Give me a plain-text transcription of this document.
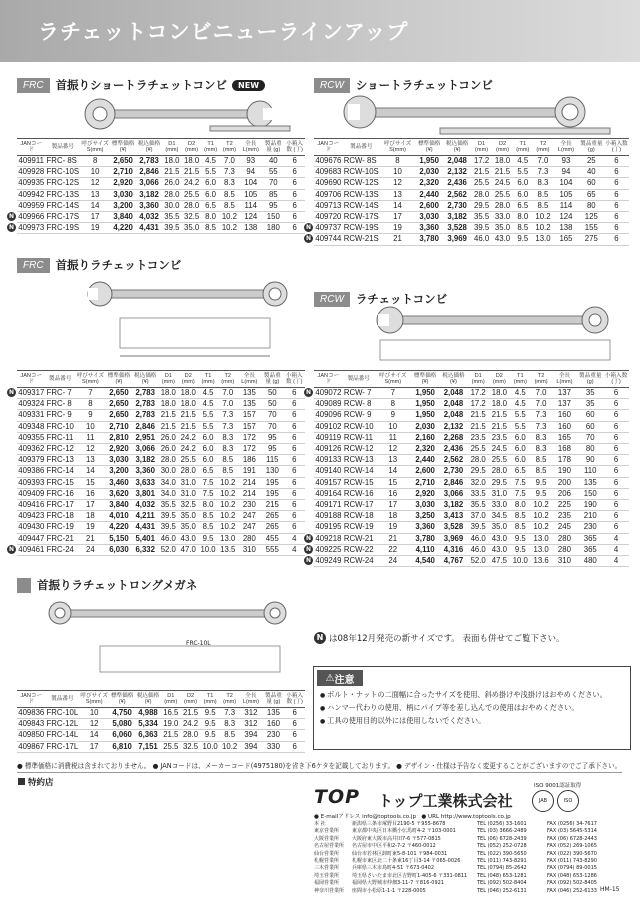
ラチェットコンビニューラインアップ
FRC	首振りショートラチェットコンビ	NEW
JANコード	製品番号	呼びサイズ S(mm)	標準価格 (¥)	税込価格 (¥)	D1 (mm)	D2 (mm)	T1 (mm)	T2 (mm)	全長 L(mm)	製品重量 (g)	小箱入数 (丁)
409911	FRC- 8S	8	2,650	2,783	18.0	18.0	4.5	7.0	93	40	6
409928	FRC-10S	10	2,710	2,846	21.5	21.5	5.5	7.3	94	55	6
409935	FRC-12S	12	2,920	3,066	26.0	24.2	6.0	8.3	104	70	6
409942	FRC-13S	13	3,030	3,182	28.0	25.5	6.0	8.5	105	85	6
409959	FRC-14S	14	3,200	3,360	30.0	28.0	6.5	8.5	114	95	6
409966	FRC-17S	17	3,840	4,032	35.5	32.5	8.0	10.2	124	150	6
409973	FRC-19S	19	4,220	4,431	39.5	35.0	8.5	10.2	138	180	6
RCW	ショートラチェットコンビ
JANコード	製品番号	呼びサイズ S(mm)	標準価格 (¥)	税込価格 (¥)	D1 (mm)	D2 (mm)	T1 (mm)	T2 (mm)	全長 L(mm)	製品重量 (g)	小箱入数 (丁)
409676	RCW- 8S	8	1,950	2,048	17.2	18.0	4.5	7.0	93	25	6
409683	RCW-10S	10	2,030	2,132	21.5	21.5	5.5	7.3	94	40	6
409690	RCW-12S	12	2,320	2,436	25.5	24.5	6.0	8.3	104	60	6
409706	RCW-13S	13	2,440	2,562	28.0	25.5	6.0	8.5	105	65	6
409713	RCW-14S	14	2,600	2,730	29.5	28.0	6.5	8.5	114	80	6
409720	RCW-17S	17	3,030	3,182	35.5	33.0	8.0	10.2	124	125	6
409737	RCW-19S	19	3,360	3,528	39.5	35.0	8.5	10.2	138	155	6
409744	RCW-21S	21	3,780	3,969	46.0	43.0	9.5	13.0	165	275	6
FRC	首振りラチェットコンビ
JANコード	製品番号	呼びサイズ S(mm)	標準価格 (¥)	税込価格 (¥)	D1 (mm)	D2 (mm)	T1 (mm)	T2 (mm)	全長 L(mm)	製品重量 (g)	小箱入数 (丁)
409317	FRC- 7	7	2,650	2,783	18.0	18.0	4.5	7.0	135	50	6
409324	FRC- 8	8	2,650	2,783	18.0	18.0	4.5	7.0	135	50	6
409331	FRC- 9	9	2,650	2,783	21.5	21.5	5.5	7.3	157	70	6
409348	FRC-10	10	2,710	2,846	21.5	21.5	5.5	7.3	157	70	6
409355	FRC-11	11	2,810	2,951	26.0	24.2	6.0	8.3	172	95	6
409362	FRC-12	12	2,920	3,066	26.0	24.2	6.0	8.3	172	95	6
409379	FRC-13	13	3,030	3,182	28.0	25.5	6.0	8.5	186	115	6
409386	FRC-14	14	3,200	3,360	30.0	28.0	6.5	8.5	191	130	6
409393	FRC-15	15	3,460	3,633	34.0	31.0	7.5	10.2	214	195	6
409409	FRC-16	16	3,620	3,801	34.0	31.0	7.5	10.2	214	195	6
409416	FRC-17	17	3,840	4,032	35.5	32.5	8.0	10.2	230	215	6
409423	FRC-18	18	4,010	4,211	39.5	35.0	8.5	10.2	247	265	6
409430	FRC-19	19	4,220	4,431	39.5	35.0	8.5	10.2	247	265	6
409447	FRC-21	21	5,150	5,401	46.0	43.0	9.5	13.0	280	455	4
409461	FRC-24	24	6,030	6,332	52.0	47.0	10.0	13.5	310	555	4
RCW	ラチェットコンビ
JANコード	製品番号	呼びサイズ S(mm)	標準価格 (¥)	税込価格 (¥)	D1 (mm)	D2 (mm)	T1 (mm)	T2 (mm)	全長 L(mm)	製品重量 (g)	小箱入数 (丁)
409072	RCW- 7	7	1,950	2,048	17.2	18.0	4.5	7.0	137	35	6
409089	RCW- 8	8	1,950	2,048	17.2	18.0	4.5	7.0	137	35	6
409096	RCW- 9	9	1,950	2,048	21.5	21.5	5.5	7.3	160	60	6
409102	RCW-10	10	2,030	2,132	21.5	21.5	5.5	7.3	160	60	6
409119	RCW-11	11	2,160	2,268	23.5	23.5	6.0	8.3	165	70	6
409126	RCW-12	12	2,320	2,436	25.5	24.5	6.0	8.3	168	80	6
409133	RCW-13	13	2,440	2,562	28.0	25.5	6.0	8.5	178	90	6
409140	RCW-14	14	2,600	2,730	29.5	28.0	6.5	8.5	190	110	6
409157	RCW-15	15	2,710	2,846	32.0	29.5	7.5	9.5	200	135	6
409164	RCW-16	16	2,920	3,066	33.5	31.0	7.5	9.5	206	150	6
409171	RCW-17	17	3,030	3,182	35.5	33.0	8.0	10.2	225	190	6
409188	RCW-18	18	3,250	3,413	37.0	34.5	8.5	10.2	235	210	6
409195	RCW-19	19	3,360	3,528	39.5	35.0	8.5	10.2	245	230	6
409218	RCW-21	21	3,780	3,969	46.0	43.0	9.5	13.0	280	365	4
409225	RCW-22	22	4,110	4,316	46.0	43.0	9.5	13.0	280	365	4
409249	RCW-24	24	4,540	4,767	52.0	47.5	10.0	13.6	310	480	4
首振りラチェットロングメガネ
FRC-10L
JANコード	製品番号	呼びサイズ S(mm)	標準価格 (¥)	税込価格 (¥)	D1 (mm)	D2 (mm)	T1 (mm)	T2 (mm)	全長 L(mm)	製品重量 (g)	小箱入数 (丁)
409836	FRC-10L	10	4,750	4,988	16.5	21.5	9.5	7.3	312	135	6
409843	FRC-12L	12	5,080	5,334	19.0	24.2	9.5	8.3	312	160	6
409850	FRC-14L	14	6,060	6,363	21.5	28.0	9.5	8.5	394	230	6
409867	FRC-17L	17	6,810	7,151	25.5	32.5	10.0	10.2	394	330	6
N は08年12月発売の新サイズです。 表面も併せてご覧下さい。
⚠ 注意
● ボルト・ナットの二面幅に合ったサイズを使用、斜め掛けや浅掛けはおやめください。
● ハンマー代わりの使用、柄にパイプ等を差し込んでの使用はおやめください。
● 工具の使用目的以外には使用しないでください。
● 標準価格に消費税は含まれておりません。 ● JANコードは、メーカーコード(4975180)を省き下6ケタを記載しております。 ● デザイン・仕様は予告なく変更することがございますのでご了承下さい。
特約店
TOP トップ工業株式会社
ISO 9001認証取得
JAB	ISO
● E-mailアドレス info@toptools.co.jp ● URL http://www.toptools.co.jp
本 社	新潟県三条市塚野目2190-5 〒955-8678	TEL (0256) 33-1601	FAX (0256) 34-7617
東京営業所	東京都中央区日本橋小伝馬町4-2 〒103-0001	TEL (03) 3666-2489	FAX (03) 5645-5314
大阪営業所	大阪府東大阪市高井田7-6 〒577-0815	TEL (06) 6728-2439	FAX (06) 6728-2443
名古屋営業所	名古屋市中区平和2-7-2 〒460-0012	TEL (052) 252-0728	FAX (052) 269-1065
仙台営業所	仙台市若林区卸町東5-8-101 〒984-0031	TEL (022) 390-5650	FAX (022) 390-5670
札幌営業所	札幌市東区北二十条東16丁目3-14 〒065-0026	TEL (011) 743-8291	FAX (011) 743-8290
三木営業所	兵庫県三木市鳥町4-51 〒673-0402	TEL (0794) 85-2642	FAX (0794) 89-0015
埼玉営業所	埼玉県さいたま市北区吉野町1-405-6 〒331-0811	TEL (048) 653-1281	FAX (048) 653-1286
福岡営業所	福岡県大野城市仲畑3-11-7 〒816-0921	TEL (092) 502-8404	FAX (092) 502-8405
神奈川営業所	座間市小松原1-1-1 〒228-0005	TEL (046) 252-6131	FAX (046) 252-6133 HM-15
N
N	N
N
N
N
N
N
N
N
